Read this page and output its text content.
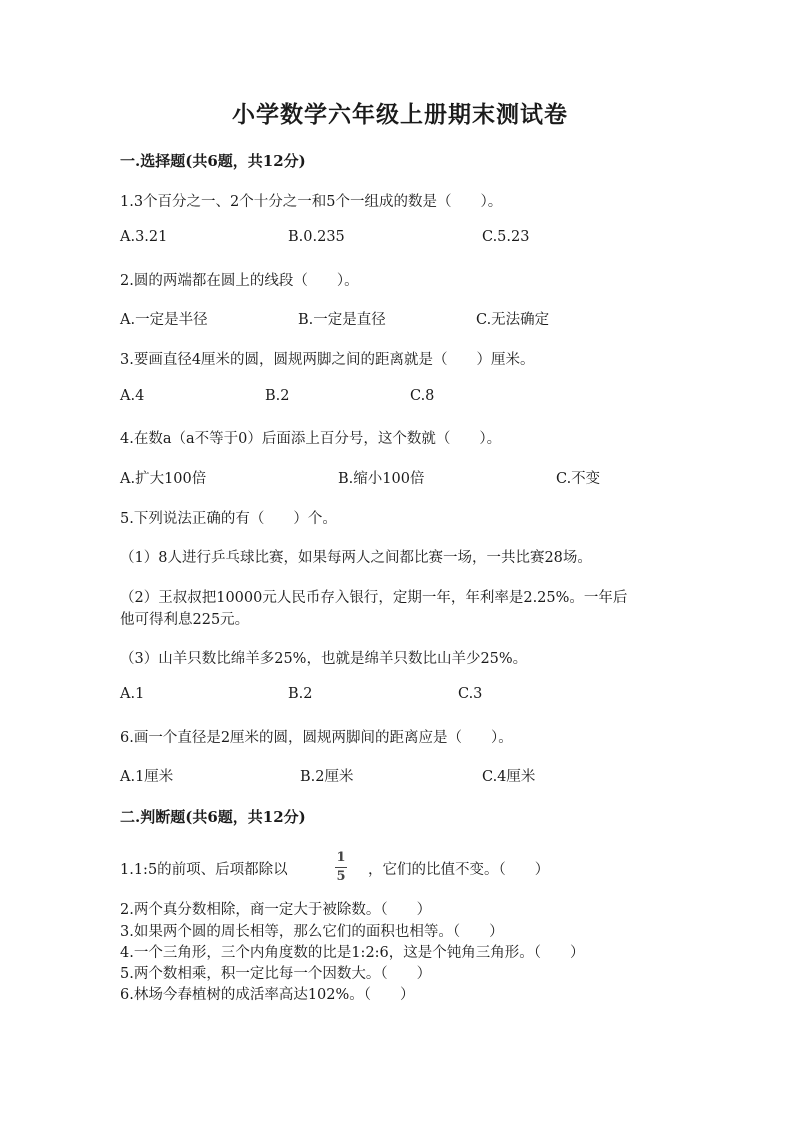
小学数学六年级上册期末测试卷
一.选择题(共6题，共12分)
1.3个百分之一、2个十分之一和5个一组成的数是（　　）。
A.3.21	B.0.235	C.5.23
2.圆的两端都在圆上的线段（　　）。
A.一定是半径	B.一定是直径	C.无法确定
3.要画直径4厘米的圆，圆规两脚之间的距离就是（　　）厘米。
A.4	B.2	C.8
4.在数a（a不等于0）后面添上百分号，这个数就（　　）。
A.扩大100倍	B.缩小100倍	C.不变
5.下列说法正确的有（　　）个。
（1）8人进行乒乓球比赛，如果每两人之间都比赛一场，一共比赛28场。
（2）王叔叔把10000元人民币存入银行，定期一年，年利率是2.25%。一年后
他可得利息225元。
（3）山羊只数比绵羊多25%，也就是绵羊只数比山羊少25%。
A.1	B.2	C.3
6.画一个直径是2厘米的圆，圆规两脚间的距离应是（　　）。
A.1厘米	B.2厘米	C.4厘米
二.判断题(共6题，共12分)
1.1:5的前项、后项都除以
1
5 ，它们的比值不变。（　　）
2.两个真分数相除，商一定大于被除数。（　　）
3.如果两个圆的周长相等，那么它们的面积也相等。（　　）
4.一个三角形，三个内角度数的比是1:2:6，这是个钝角三角形。（　　）
5.两个数相乘，积一定比每一个因数大。（　　）
6.林场今春植树的成活率高达102%。（　　）
